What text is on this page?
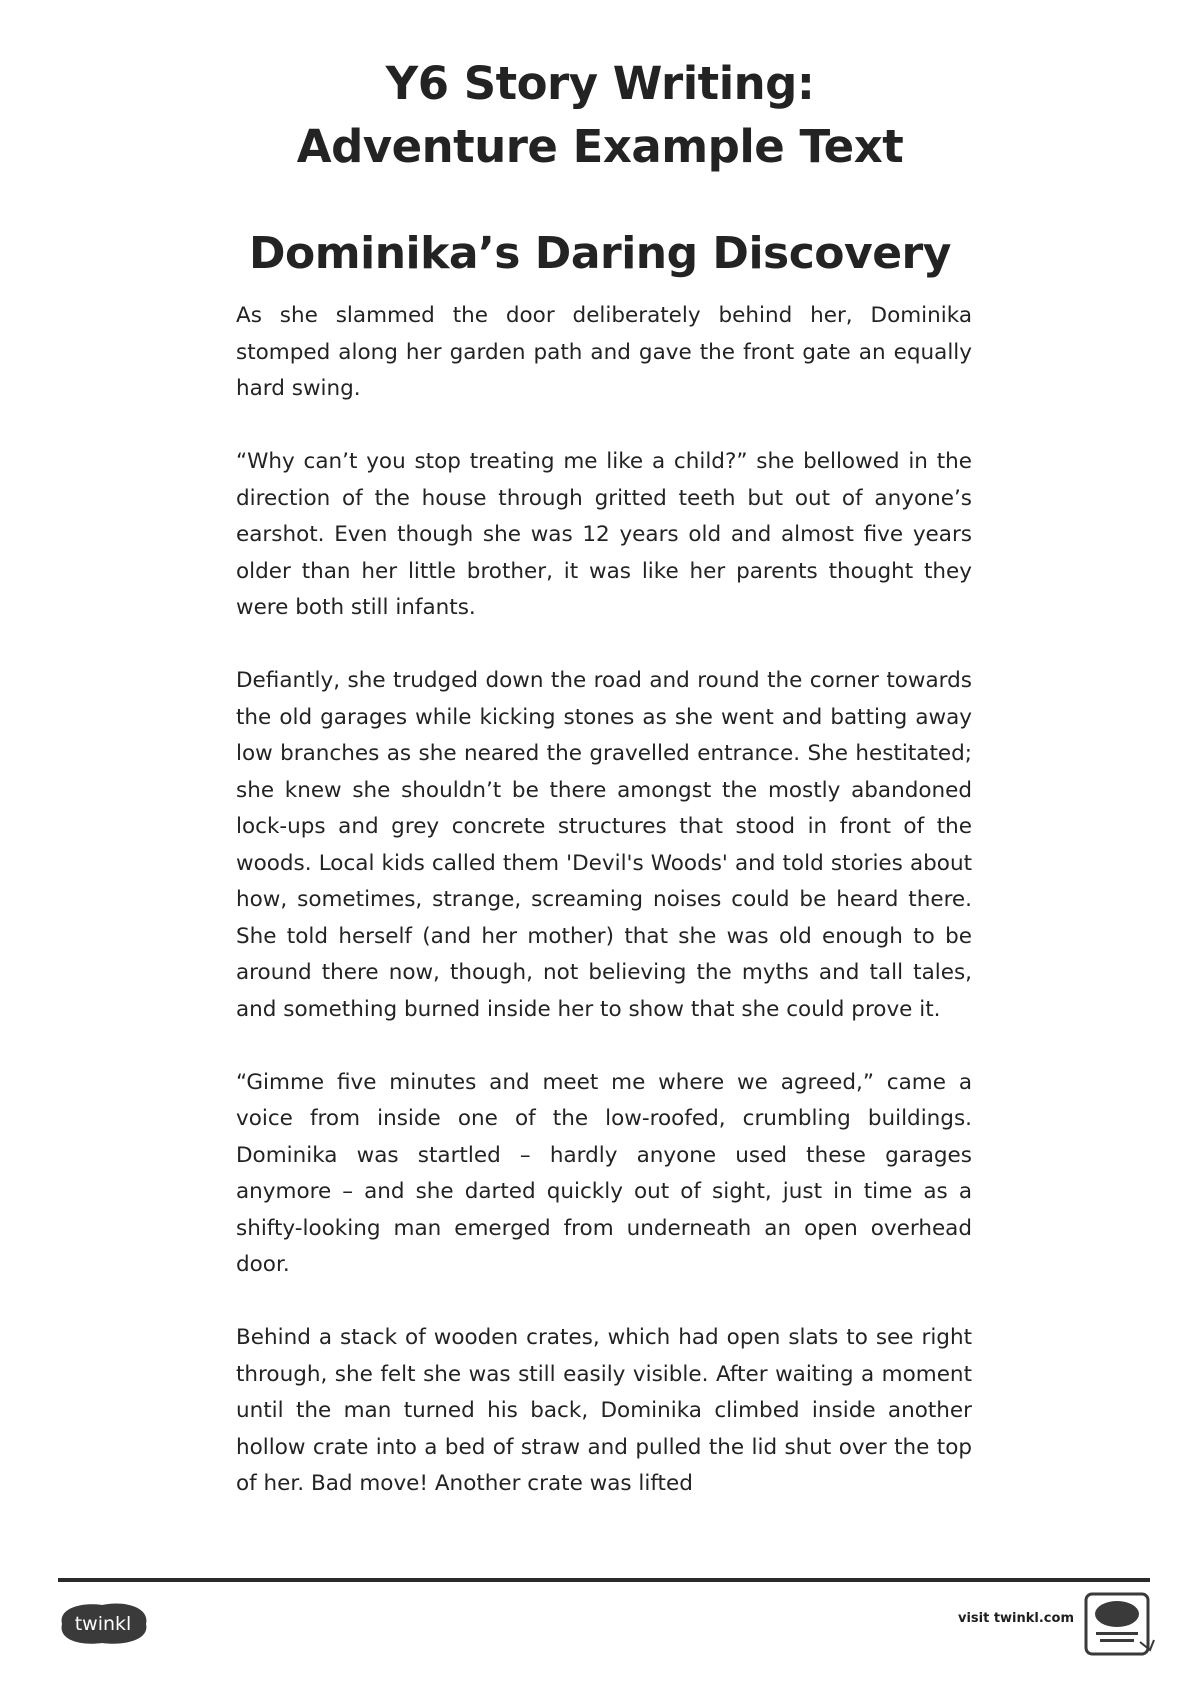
Y6 Story Writing:
Adventure Example Text
Dominika’s Daring Discovery

As she slammed the door deliberately behind her, Dominika stomped along her garden path and gave the front gate an equally hard swing.

“Why can’t you stop treating me like a child?” she bellowed in the direction of the house through gritted teeth but out of anyone’s earshot. Even though she was 12 years old and almost five years older than her little brother, it was like her parents thought they were both still infants.

Defiantly, she trudged down the road and round the corner towards the old garages while kicking stones as she went and batting away low branches as she neared the gravelled entrance. She hestitated; she knew she shouldn’t be there amongst the mostly abandoned lock-ups and grey concrete structures that stood in front of the woods. Local kids called them 'Devil's Woods' and told stories about how, sometimes, strange, screaming noises could be heard there. She told herself (and her mother) that she was old enough to be around there now, though, not believing the myths and tall tales, and something burned inside her to show that she could prove it.

“Gimme five minutes and meet me where we agreed,” came a voice from inside one of the low-roofed, crumbling buildings. Dominika was startled – hardly anyone used these garages anymore – and she darted quickly out of sight, just in time as a shifty-looking man emerged from underneath an open overhead door.

Behind a stack of wooden crates, which had open slats to see right through, she felt she was still easily visible. After waiting a moment until the man turned his back, Dominika climbed inside another hollow crate into a bed of straw and pulled the lid shut over the top of her. Bad move! Another crate was lifted

twinkl	visit twinkl.com
